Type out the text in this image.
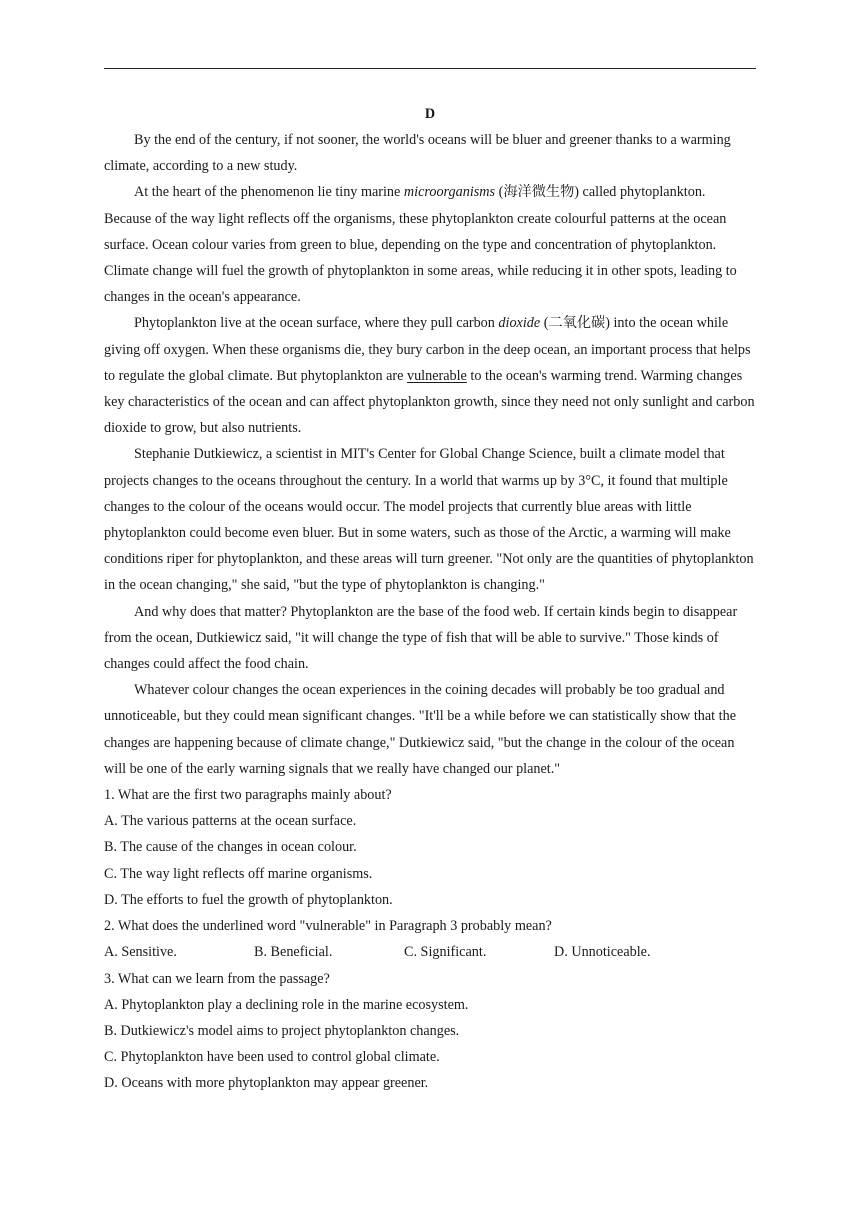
D

By the end of the century, if not sooner, the world's oceans will be bluer and greener thanks to a warming climate, according to a new study.

At the heart of the phenomenon lie tiny marine microorganisms (海洋微生物) called phytoplankton. Because of the way light reflects off the organisms, these phytoplankton create colourful patterns at the ocean surface. Ocean colour varies from green to blue, depending on the type and concentration of phytoplankton. Climate change will fuel the growth of phytoplankton in some areas, while reducing it in other spots, leading to changes in the ocean's appearance.

Phytoplankton live at the ocean surface, where they pull carbon dioxide (二氧化碳) into the ocean while giving off oxygen. When these organisms die, they bury carbon in the deep ocean, an important process that helps to regulate the global climate. But phytoplankton are vulnerable to the ocean's warming trend. Warming changes key characteristics of the ocean and can affect phytoplankton growth, since they need not only sunlight and carbon dioxide to grow, but also nutrients.

Stephanie Dutkiewicz, a scientist in MIT's Center for Global Change Science, built a climate model that projects changes to the oceans throughout the century. In a world that warms up by 3°C, it found that multiple changes to the colour of the oceans would occur. The model projects that currently blue areas with little phytoplankton could become even bluer. But in some waters, such as those of the Arctic, a warming will make conditions riper for phytoplankton, and these areas will turn greener. "Not only are the quantities of phytoplankton in the ocean changing," she said, "but the type of phytoplankton is changing."

And why does that matter? Phytoplankton are the base of the food web. If certain kinds begin to disappear from the ocean, Dutkiewicz said, "it will change the type of fish that will be able to survive." Those kinds of changes could affect the food chain.

Whatever colour changes the ocean experiences in the coining decades will probably be too gradual and unnoticeable, but they could mean significant changes. "It'll be a while before we can statistically show that the changes are happening because of climate change," Dutkiewicz said, "but the change in the colour of the ocean will be one of the early warning signals that we really have changed our planet."

1. What are the first two paragraphs mainly about?

A. The various patterns at the ocean surface.

B. The cause of the changes in ocean colour.

C. The way light reflects off marine organisms.

D. The efforts to fuel the growth of phytoplankton.

2. What does the underlined word "vulnerable" in Paragraph 3 probably mean?

A. Sensitive.	B. Beneficial.	C. Significant.	D. Unnoticeable.

3. What can we learn from the passage?

A. Phytoplankton play a declining role in the marine ecosystem.

B. Dutkiewicz's model aims to project phytoplankton changes.

C. Phytoplankton have been used to control global climate.

D. Oceans with more phytoplankton may appear greener.
